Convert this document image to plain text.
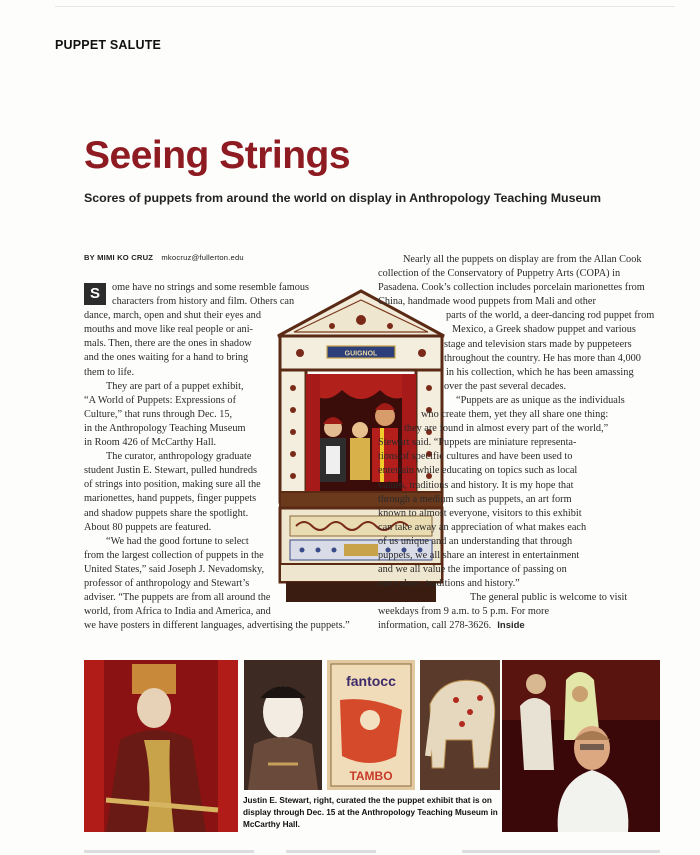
PUPPET SALUTE
Seeing Strings
Scores of puppets from around the world on display in Anthropology Teaching Museum
BY MIMI KO CRUZ mkocruz@fullerton.edu
S	ome have no strings and some resemble famous
characters from history and film. Others can
dance, march, open and shut their eyes and
mouths and move like real people or ani-
mals. Then, there are the ones in shadow
and the ones waiting for a hand to bring
them to life.
They are part of a puppet exhibit,
“A World of Puppets: Expressions of
Culture,” that runs through Dec. 15,
in the Anthropology Teaching Museum
in Room 426 of McCarthy Hall.
The curator, anthropology graduate
student Justin E. Stewart, pulled hundreds
of strings into position, making sure all the
marionettes, hand puppets, finger puppets
and shadow puppets share the spotlight.
About 80 puppets are featured.
“We had the good fortune to select
from the largest collection of puppets in the
United States,” said Joseph J. Nevadomsky,
professor of anthropology and Stewart’s
adviser. “The puppets are from all around the
world, from Africa to India and America, and
we have posters in different languages, advertising the puppets.”
GUIGNOL
Nearly all the puppets on display are from the Allan Cook
collection of the Conservatory of Puppetry Arts (COPA) in
Pasadena. Cook’s collection includes porcelain marionettes from
China, handmade wood puppets from Mali and other
parts of the world, a deer-dancing rod puppet from
Mexico, a Greek shadow puppet and various
stage and television stars made by puppeteers
throughout the country. He has more than 4,000
in his collection, which he has been amassing
over the past several decades.
“Puppets are as unique as the individuals
who create them, yet they all share one thing:
they are found in almost every part of the world,”
Stewart said. “Puppets are miniature representa-
tions of specific cultures and have been used to
entertain while educating on topics such as local
values, traditions and history. It is my hope that
through a medium such as puppets, an art form
known to almost everyone, visitors to this exhibit
can take away an appreciation of what makes each
of us unique and an understanding that through
puppets, we all share an interest in entertainment
and we all value the importance of passing on
our values, traditions and history.”
The general public is welcome to visit
weekdays from 9 a.m. to 5 p.m. For more
information, call 278-3626. Inside
fantocc
TAMBO
Justin E. Stewart, right, curated the the puppet exhibit that is on display through Dec. 15 at the Anthropology Teaching Museum in McCarthy Hall.
